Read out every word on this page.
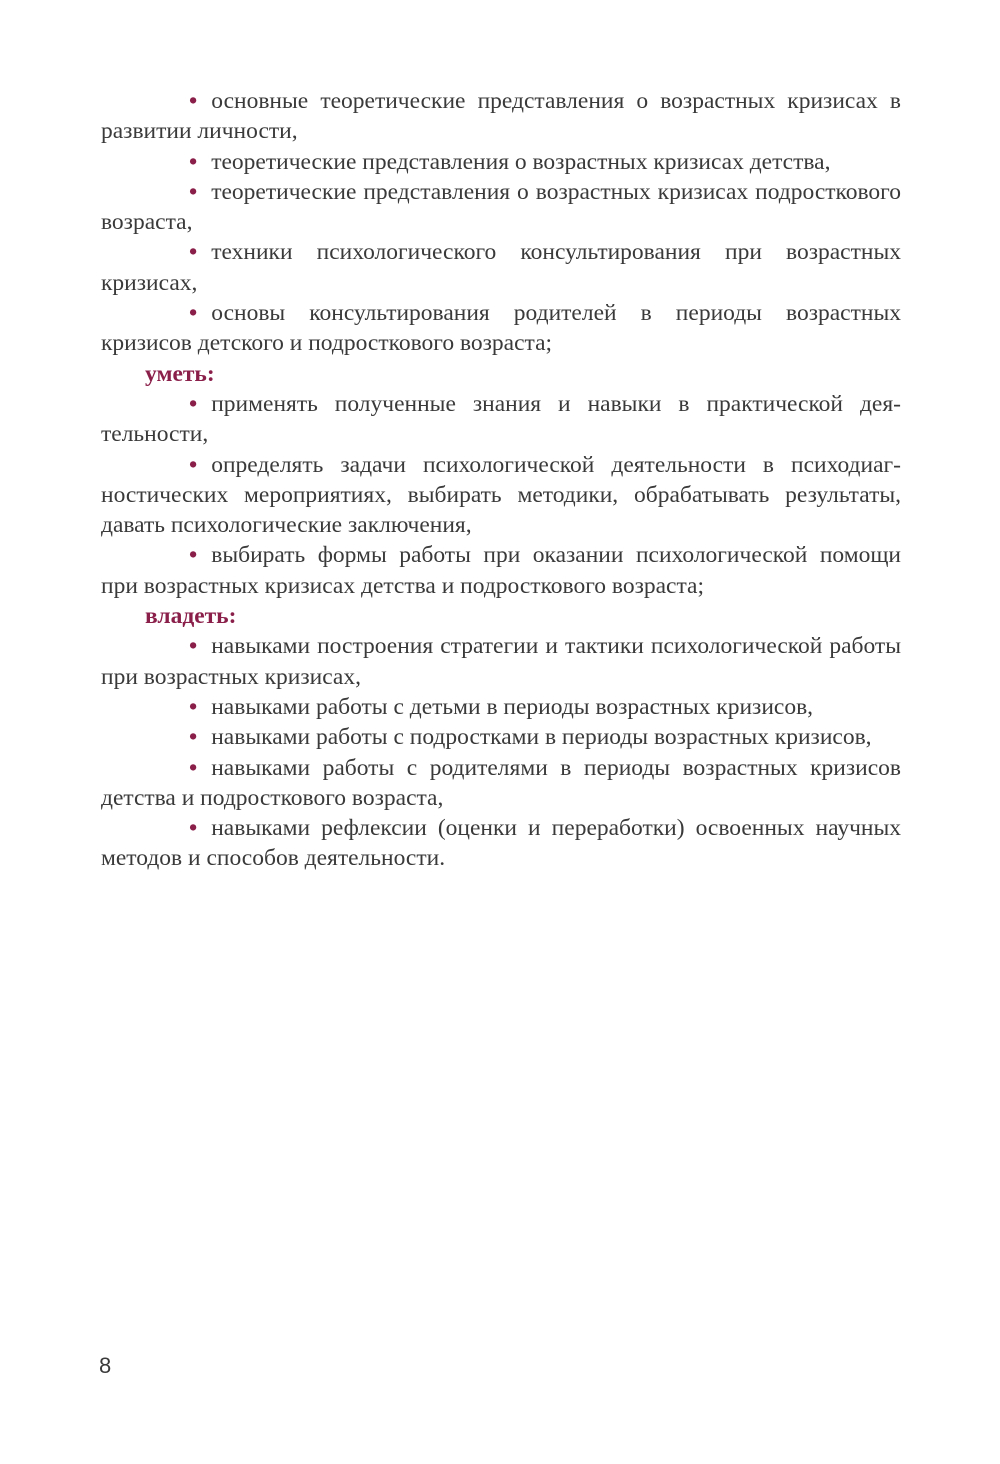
• основные теоретические представления о возрастных кризисах в развитии личности,

• теоретические представления о возрастных кризисах детства,

• теоретические представления о возрастных кризисах подросткового возраста,

• техники психологического консультирования при возрастных кризисах,

• основы консультирования родителей в периоды возрастных кризисов детского и подросткового возраста;

уметь:

• применять полученные знания и навыки в практической деятельности,

• определять задачи психологической деятельности в психодиагностических мероприятиях, выбирать методики, обрабатывать результаты, давать психологические заключения,

• выбирать формы работы при оказании психологической помощи при возрастных кризисах детства и подросткового возраста;

владеть:

• навыками построения стратегии и тактики психологической работы при возрастных кризисах,

• навыками работы с детьми в периоды возрастных кризисов,

• навыками работы с подростками в периоды возрастных кризисов,

• навыками работы с родителями в периоды возрастных кризисов детства и подросткового возраста,

• навыками рефлексии (оценки и переработки) освоенных научных методов и способов деятельности.

8
